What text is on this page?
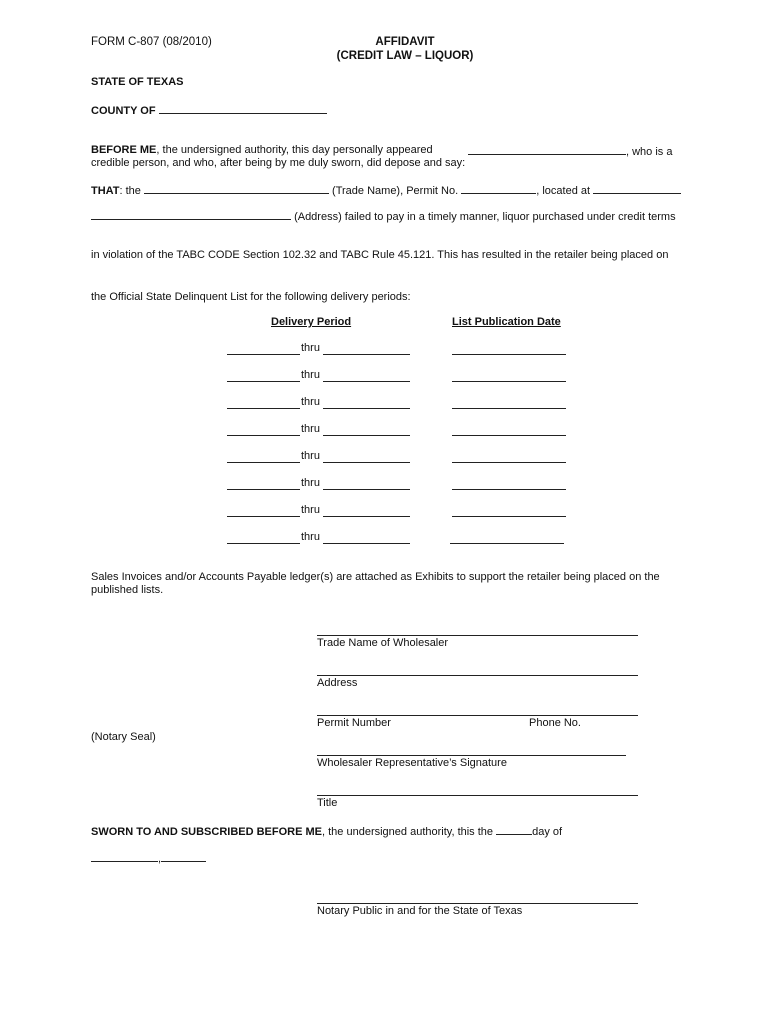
FORM C-807 (08/2010)	AFFIDAVIT
(CREDIT LAW – LIQUOR)
STATE OF TEXAS
COUNTY OF
BEFORE ME, the undersigned authority, this day personally appeared	, who is a
credible person, and who, after being by me duly sworn, did depose and say:
THAT: the	(Trade Name), Permit No.	, located at
(Address) failed to pay in a timely manner, liquor purchased under credit terms
in violation of the TABC CODE Section 102.32 and TABC Rule 45.121. This has resulted in the retailer being placed on
the Official State Delinquent List for the following delivery periods:
Delivery Period	List Publication Date
thru
thru
thru
thru
thru
thru
thru
thru
Sales Invoices and/or Accounts Payable ledger(s) are attached as Exhibits to support the retailer being placed on the published lists.
Trade Name of Wholesaler
Address
Permit Number	Phone No.
(Notary Seal)
Wholesaler Representative’s Signature
Title
SWORN TO AND SUBSCRIBED BEFORE ME, the undersigned authority, this the	day of
,
Notary Public in and for the State of Texas
